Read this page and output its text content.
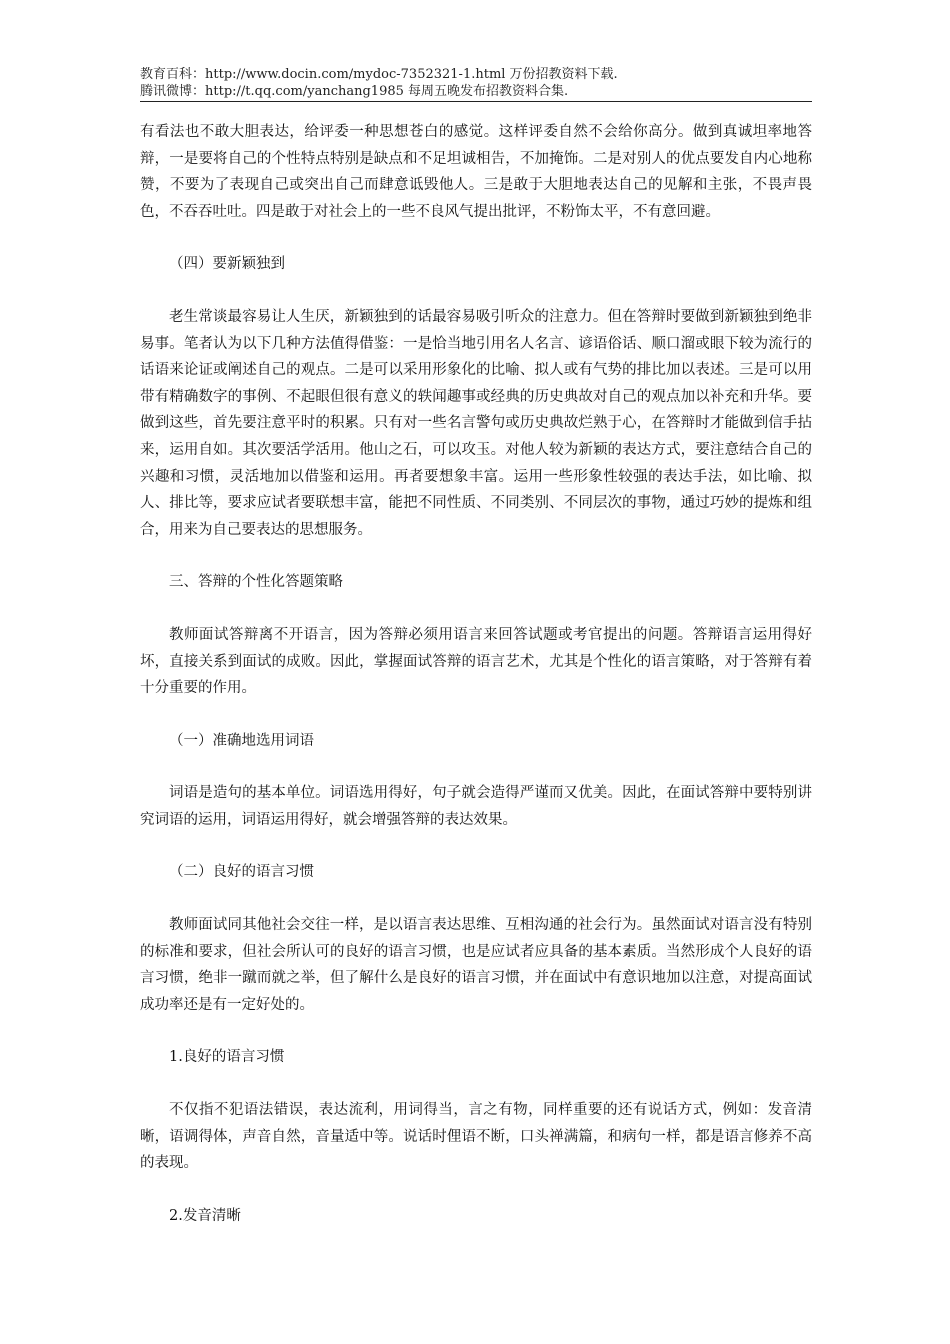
教育百科：http://www.docin.com/mydoc-7352321-1.html 万份招教资料下载.
腾讯微博：http://t.qq.com/yanchang1985 每周五晚发布招教资料合集.

有看法也不敢大胆表达，给评委一种思想苍白的感觉。这样评委自然不会给你高分。做到真诚坦率地答辩，一是要将自己的个性特点特别是缺点和不足坦诚相告，不加掩饰。二是对别人的优点要发自内心地称赞，不要为了表现自己或突出自己而肆意诋毁他人。三是敢于大胆地表达自己的见解和主张，不畏声畏色，不吞吞吐吐。四是敢于对社会上的一些不良风气提出批评，不粉饰太平，不有意回避。

（四）要新颖独到

老生常谈最容易让人生厌，新颖独到的话最容易吸引听众的注意力。但在答辩时要做到新颖独到绝非易事。笔者认为以下几种方法值得借鉴：一是恰当地引用名人名言、谚语俗话、顺口溜或眼下较为流行的话语来论证或阐述自己的观点。二是可以采用形象化的比喻、拟人或有气势的排比加以表述。三是可以用带有精确数字的事例、不起眼但很有意义的轶闻趣事或经典的历史典故对自己的观点加以补充和升华。要做到这些，首先要注意平时的积累。只有对一些名言警句或历史典故烂熟于心，在答辩时才能做到信手拈来，运用自如。其次要活学活用。他山之石，可以攻玉。对他人较为新颖的表达方式，要注意结合自己的兴趣和习惯，灵活地加以借鉴和运用。再者要想象丰富。运用一些形象性较强的表达手法，如比喻、拟人、排比等，要求应试者要联想丰富，能把不同性质、不同类别、不同层次的事物，通过巧妙的提炼和组合，用来为自己要表达的思想服务。

三、答辩的个性化答题策略

教师面试答辩离不开语言，因为答辩必须用语言来回答试题或考官提出的问题。答辩语言运用得好坏，直接关系到面试的成败。因此，掌握面试答辩的语言艺术，尤其是个性化的语言策略，对于答辩有着十分重要的作用。

（一）准确地选用词语

词语是造句的基本单位。词语选用得好，句子就会造得严谨而又优美。因此，在面试答辩中要特别讲究词语的运用，词语运用得好，就会增强答辩的表达效果。

（二）良好的语言习惯

教师面试同其他社会交往一样，是以语言表达思维、互相沟通的社会行为。虽然面试对语言没有特别的标准和要求，但社会所认可的良好的语言习惯，也是应试者应具备的基本素质。当然形成个人良好的语言习惯，绝非一蹴而就之举，但了解什么是良好的语言习惯，并在面试中有意识地加以注意，对提高面试成功率还是有一定好处的。

1.良好的语言习惯

不仅指不犯语法错误，表达流利，用词得当，言之有物，同样重要的还有说话方式，例如：发音清晰，语调得体，声音自然，音量适中等。说话时俚语不断，口头禅满篇，和病句一样，都是语言修养不高的表现。

2.发音清晰
